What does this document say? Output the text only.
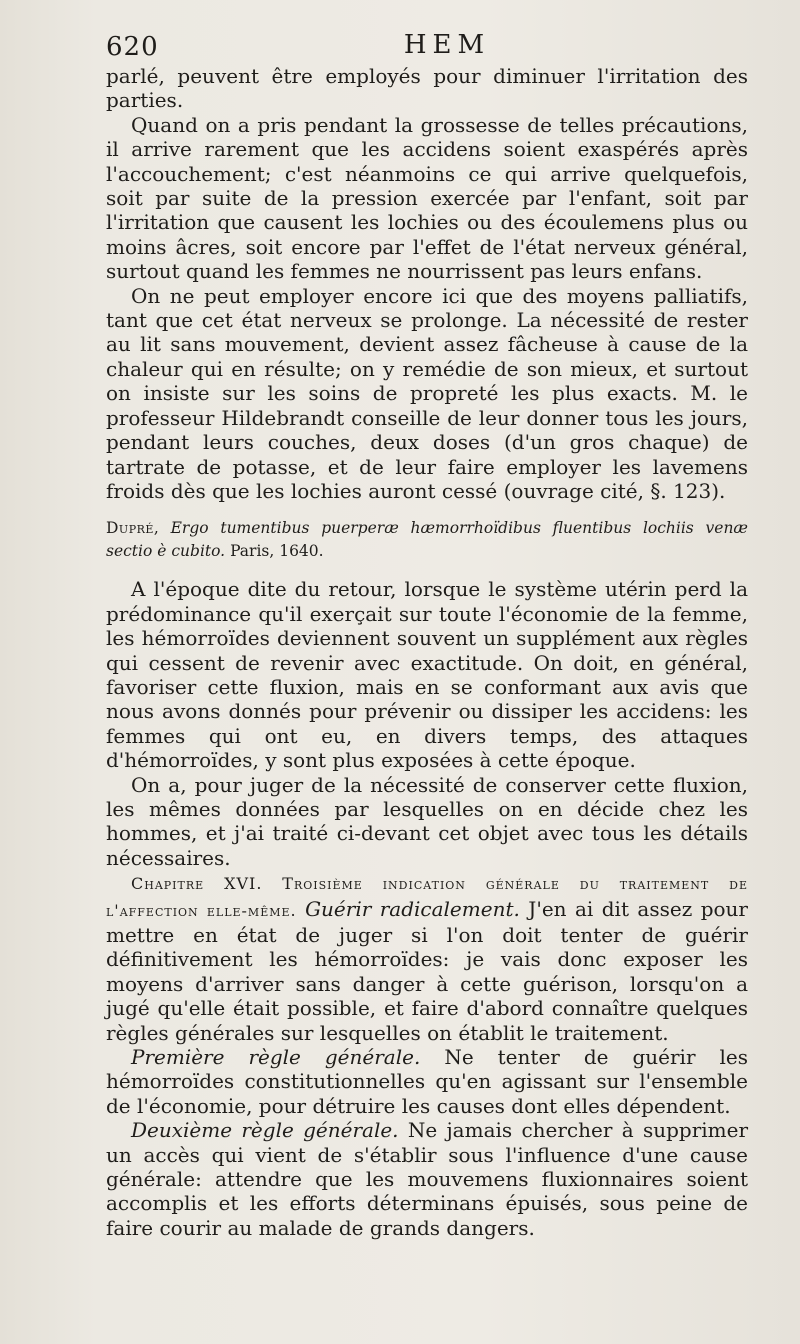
620	HEM

parlé, peuvent être employés pour diminuer l'irritation des parties.

Quand on a pris pendant la grossesse de telles précautions, il arrive rarement que les accidens soient exaspérés après l'accouchement; c'est néanmoins ce qui arrive quelquefois, soit par suite de la pression exercée par l'enfant, soit par l'irritation que causent les lochies ou des écoulemens plus ou moins âcres, soit encore par l'effet de l'état nerveux général, surtout quand les femmes ne nourrissent pas leurs enfans.

On ne peut employer encore ici que des moyens palliatifs, tant que cet état nerveux se prolonge. La nécessité de rester au lit sans mouvement, devient assez fâcheuse à cause de la chaleur qui en résulte; on y remédie de son mieux, et surtout on insiste sur les soins de propreté les plus exacts. M. le professeur Hildebrandt conseille de leur donner tous les jours, pendant leurs couches, deux doses (d'un gros chaque) de tartrate de potasse, et de leur faire employer les lavemens froids dès que les lochies auront cessé (ouvrage cité, §. 123).

Dupré, Ergo tumentibus puerperæ hæmorrhoïdibus fluentibus lochiis venæ sectio è cubito. Paris, 1640.

A l'époque dite du retour, lorsque le système utérin perd la prédominance qu'il exerçait sur toute l'économie de la femme, les hémorroïdes deviennent souvent un supplément aux règles qui cessent de revenir avec exactitude. On doit, en général, favoriser cette fluxion, mais en se conformant aux avis que nous avons donnés pour prévenir ou dissiper les accidens: les femmes qui ont eu, en divers temps, des attaques d'hémorroïdes, y sont plus exposées à cette époque.

On a, pour juger de la nécessité de conserver cette fluxion, les mêmes données par lesquelles on en décide chez les hommes, et j'ai traité ci-devant cet objet avec tous les détails nécessaires.

Chapitre XVI. Troisième indication générale du traitement de l'affection elle-même. Guérir radicalement. J'en ai dit assez pour mettre en état de juger si l'on doit tenter de guérir définitivement les hémorroïdes: je vais donc exposer les moyens d'arriver sans danger à cette guérison, lorsqu'on a jugé qu'elle était possible, et faire d'abord connaître quelques règles générales sur lesquelles on établit le traitement.

Première règle générale. Ne tenter de guérir les hémorroïdes constitutionnelles qu'en agissant sur l'ensemble de l'économie, pour détruire les causes dont elles dépendent.

Deuxième règle générale. Ne jamais chercher à supprimer un accès qui vient de s'établir sous l'influence d'une cause générale: attendre que les mouvemens fluxionnaires soient accomplis et les efforts déterminans épuisés, sous peine de faire courir au malade de grands dangers.
